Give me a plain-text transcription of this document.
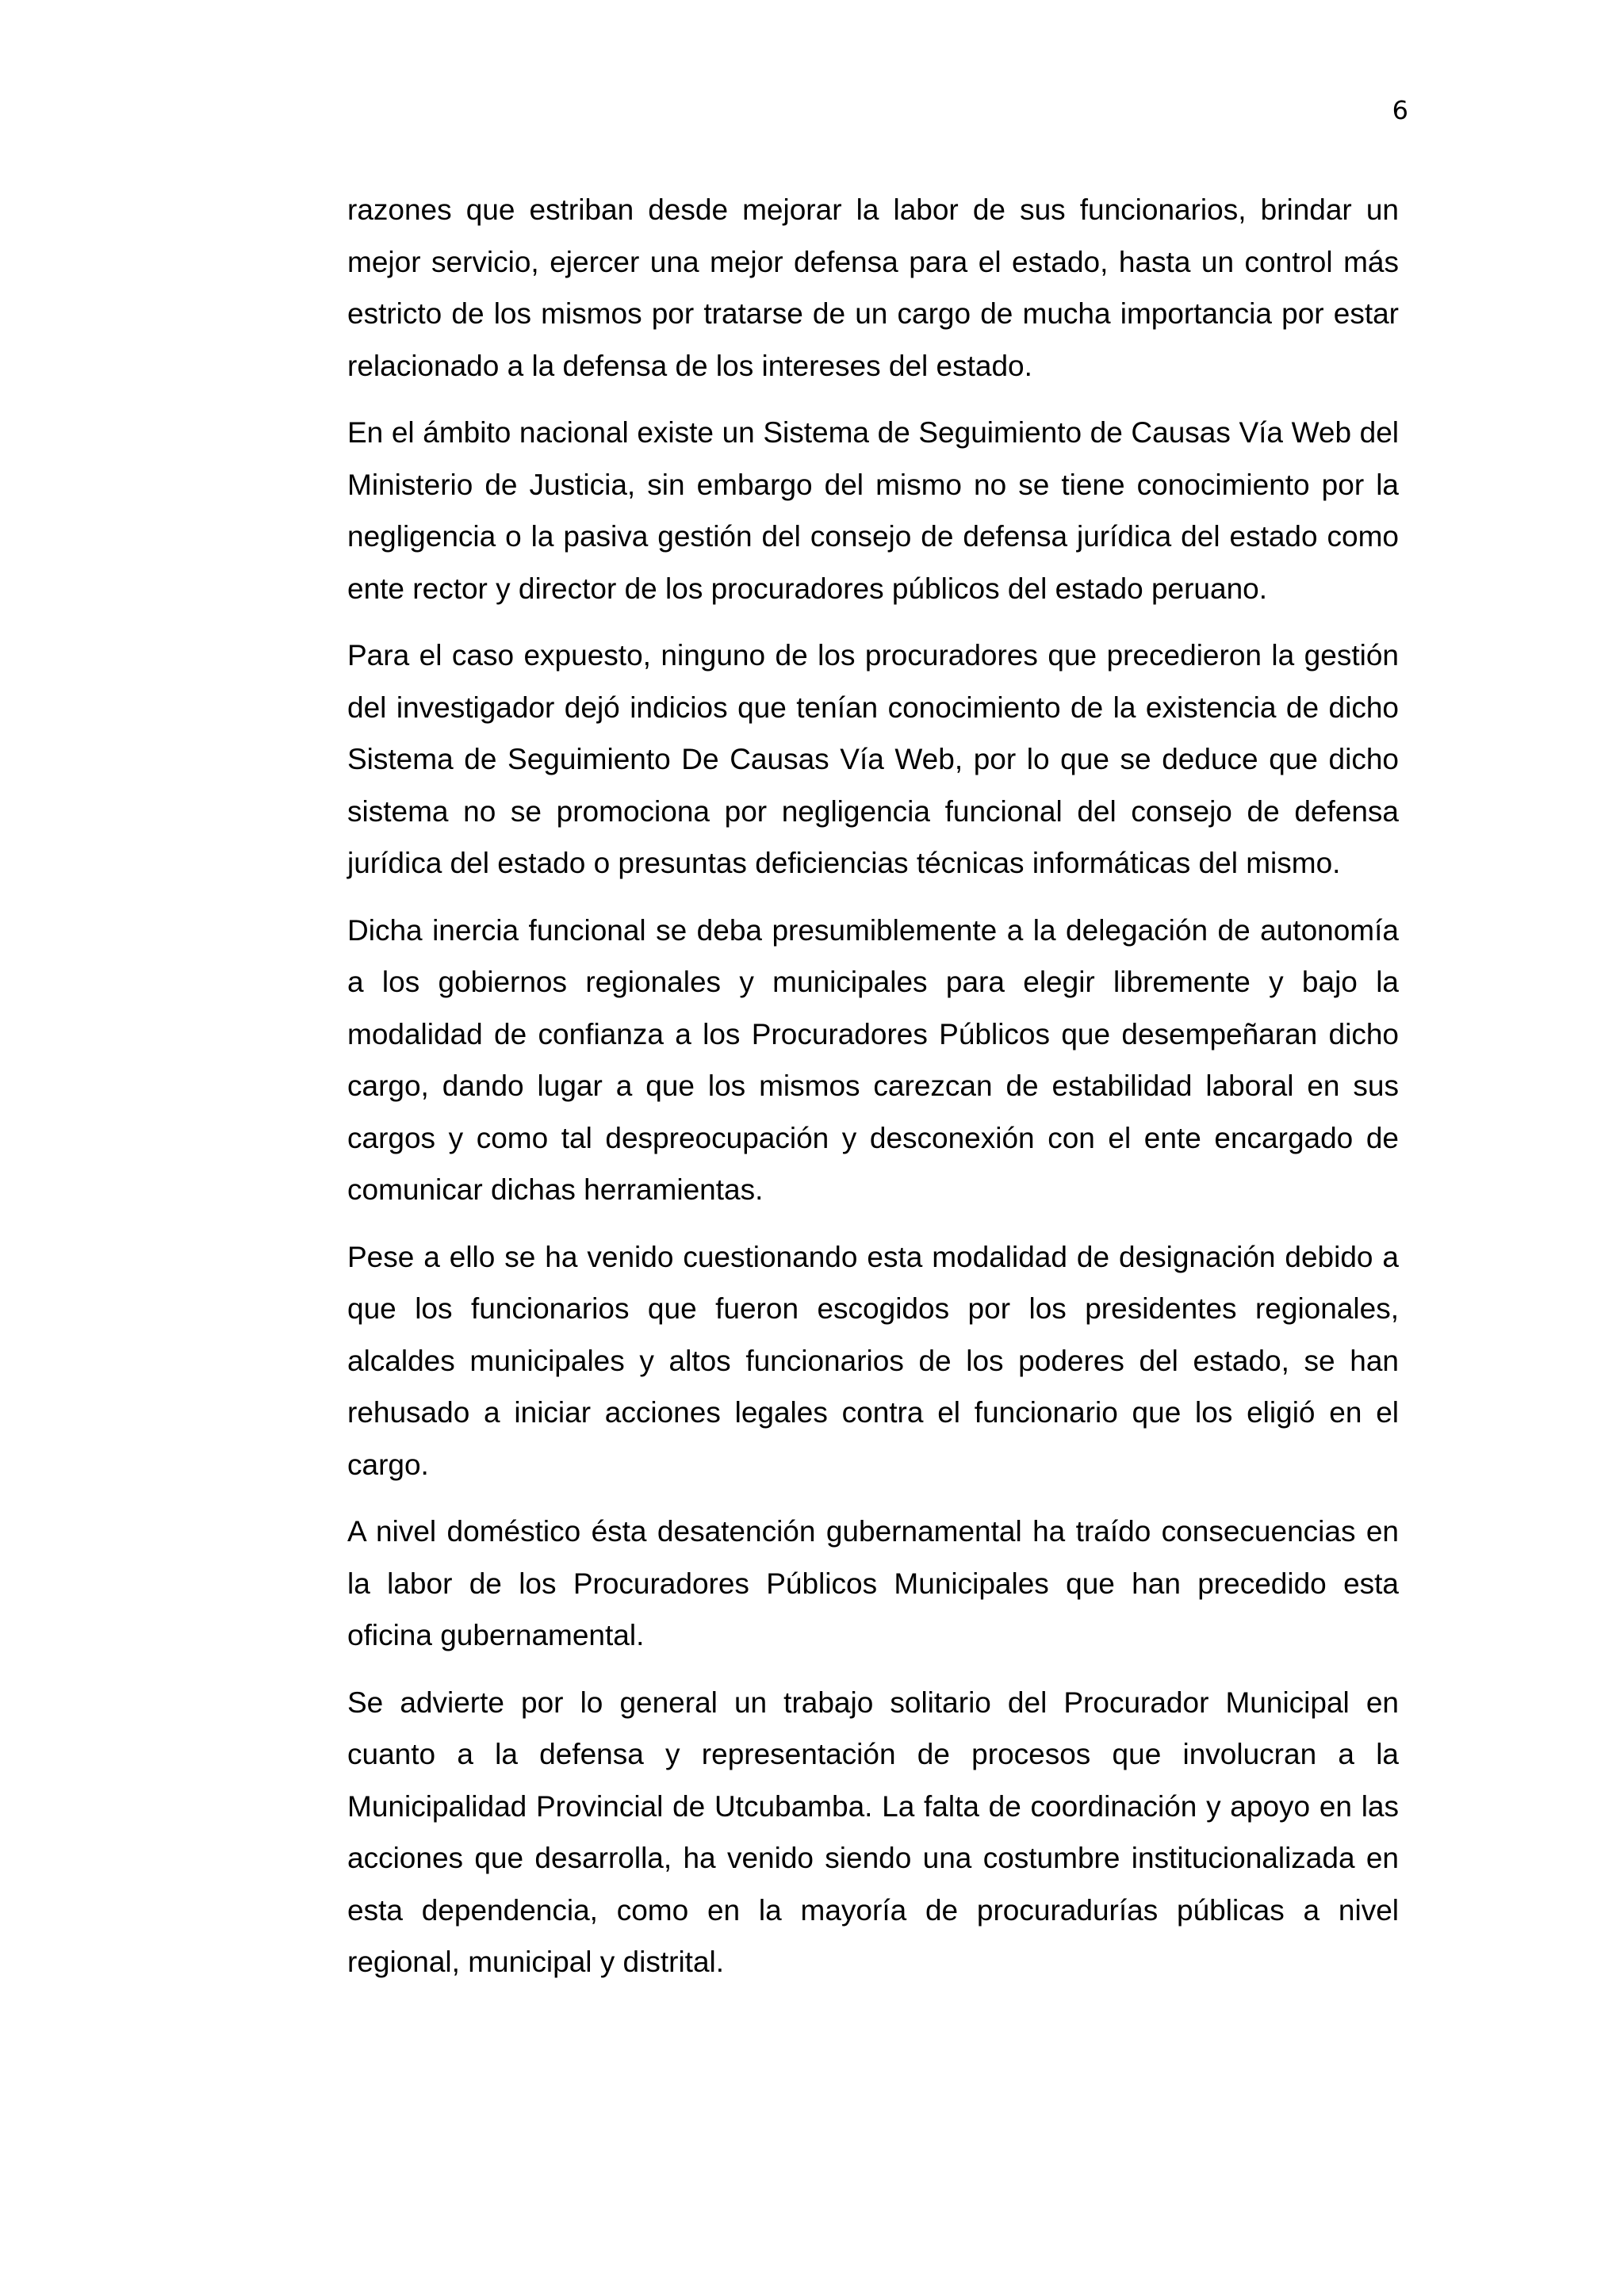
6

razones que estriban desde mejorar la labor de sus funcionarios, brindar un mejor servicio, ejercer una mejor defensa para el estado, hasta un control más estricto de los mismos por tratarse de un cargo de mucha importancia por estar relacionado a la defensa de los intereses del estado.

En el ámbito nacional existe un Sistema de Seguimiento de Causas Vía Web del Ministerio de Justicia, sin embargo del mismo no se tiene conocimiento por la negligencia o la pasiva gestión del consejo de defensa jurídica del estado como ente rector y director de los procuradores públicos del estado peruano.

Para el caso expuesto, ninguno de los procuradores que precedieron la gestión del investigador dejó indicios que tenían conocimiento de la existencia de dicho Sistema de Seguimiento De Causas Vía Web, por lo que se deduce que dicho sistema no se promociona por negligencia funcional del consejo de defensa jurídica del estado o presuntas deficiencias técnicas informáticas del mismo.

Dicha inercia funcional se deba presumiblemente a la delegación de autonomía a los gobiernos regionales y municipales para elegir libremente y bajo la modalidad de confianza a los Procuradores Públicos que desempeñaran dicho cargo, dando lugar a que los mismos carezcan de estabilidad laboral en sus cargos y como tal despreocupación y desconexión con el ente encargado de comunicar dichas herramientas.

Pese a ello se ha venido cuestionando esta modalidad de designación debido a que los funcionarios que fueron escogidos por los presidentes regionales, alcaldes municipales y altos funcionarios de los poderes del estado, se han rehusado a iniciar acciones legales contra el funcionario que los eligió en el cargo.

A nivel doméstico ésta desatención gubernamental ha traído consecuencias en la labor de los Procuradores Públicos Municipales que han precedido esta oficina gubernamental.

Se advierte por lo general un trabajo solitario del Procurador Municipal en cuanto a la defensa y representación de procesos que involucran a la Municipalidad Provincial de Utcubamba. La falta de coordinación y apoyo en las acciones que desarrolla, ha venido siendo una costumbre institucionalizada en esta dependencia, como en la mayoría de procuradurías públicas a nivel regional, municipal y distrital.
